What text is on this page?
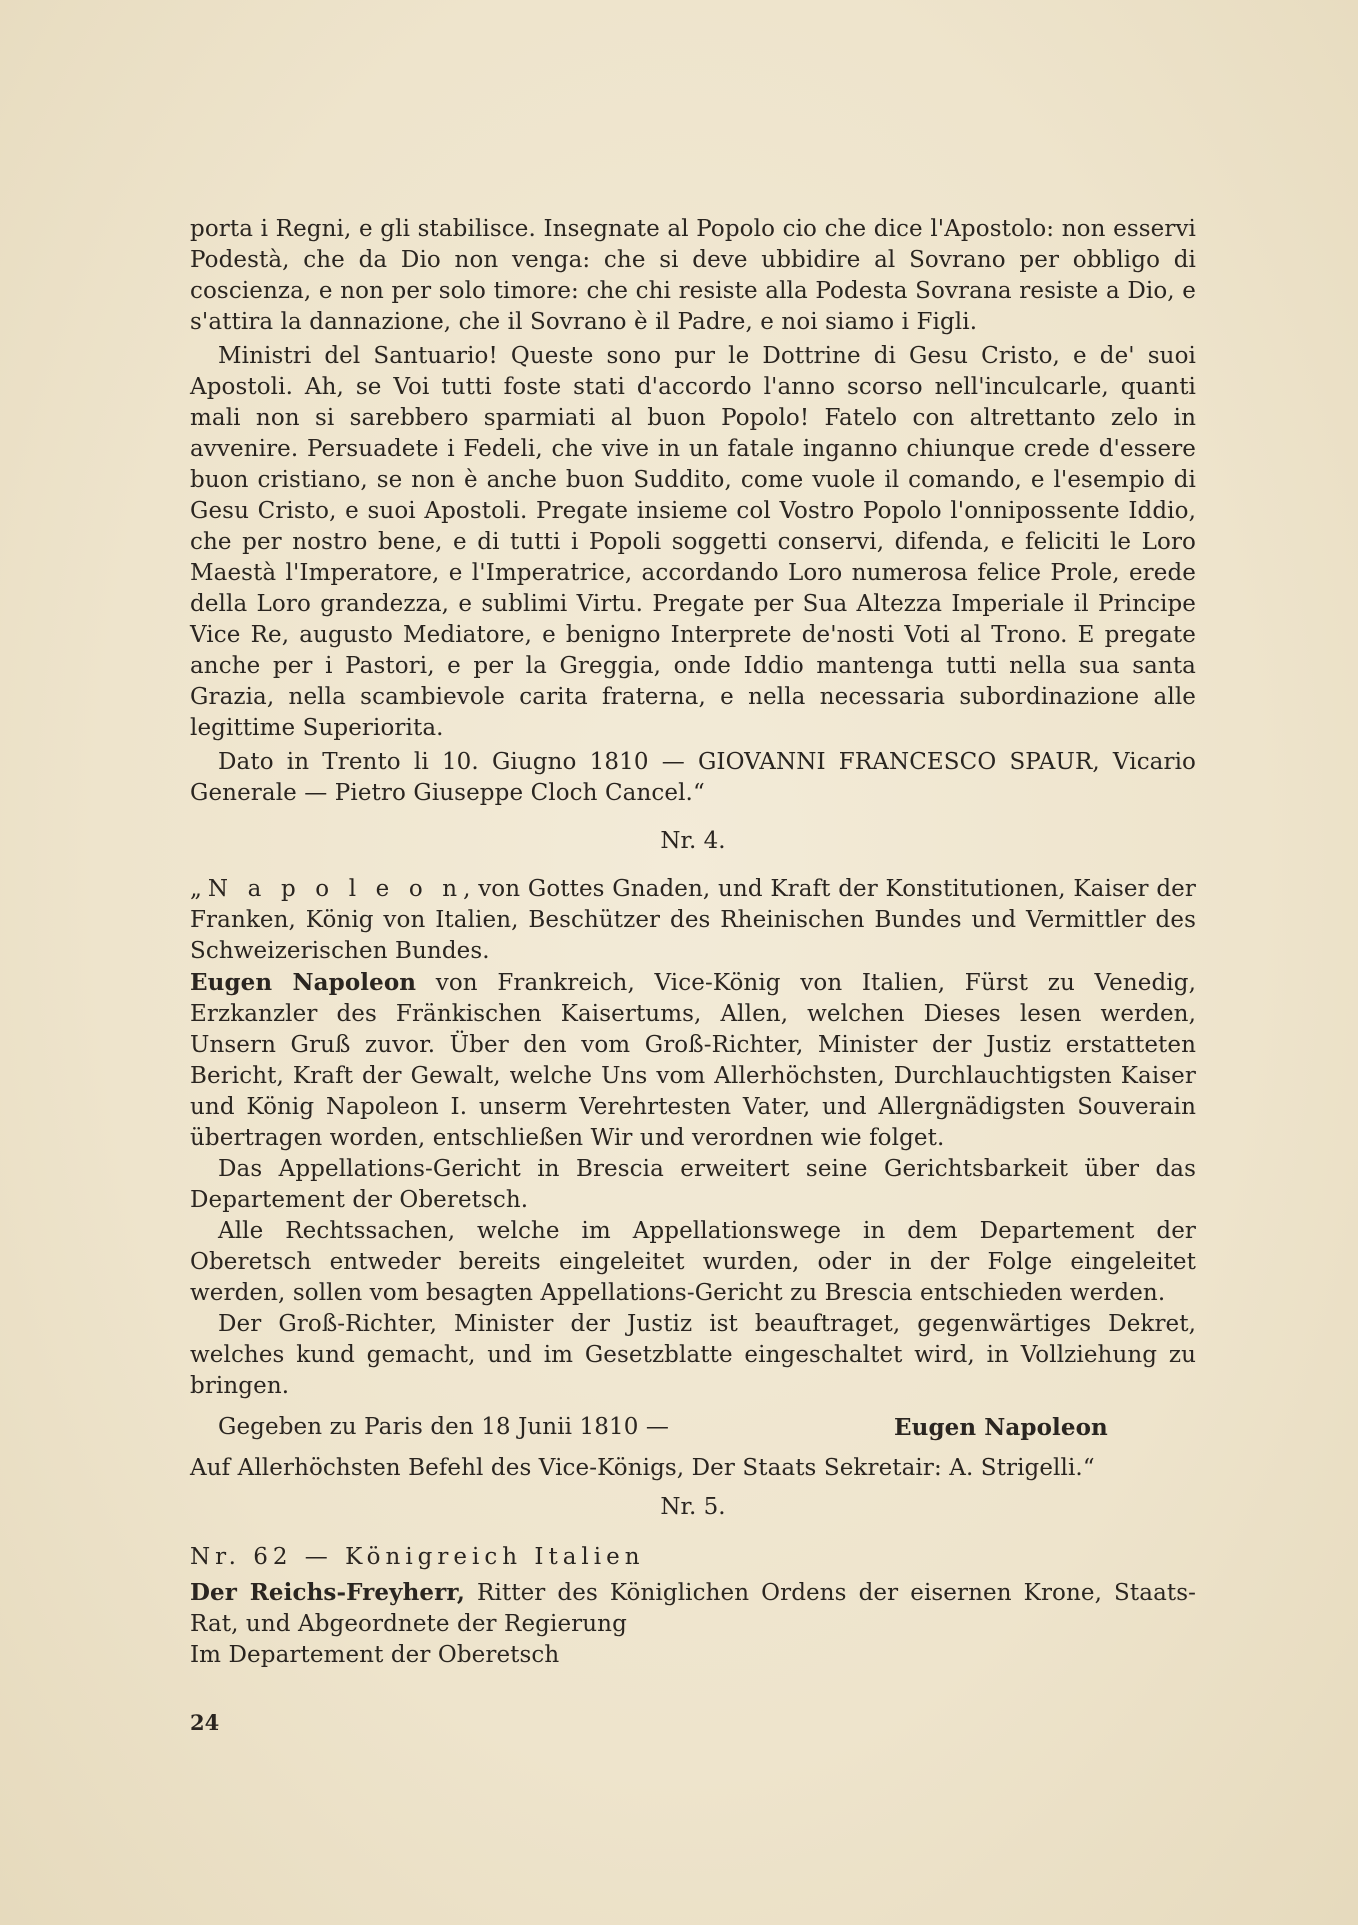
porta i Regni, e gli stabilisce. Insegnate al Popolo cio che dice l'Apostolo: non esservi Podestà, che da Dio non venga: che si deve ubbidire al Sovrano per obbligo di coscienza, e non per solo timore: che chi resiste alla Podesta Sovrana resiste a Dio, e s'attira la dannazione, che il Sovrano è il Padre, e noi siamo i Figli.

Ministri del Santuario! Queste sono pur le Dottrine di Gesu Cristo, e de' suoi Apostoli. Ah, se Voi tutti foste stati d'accordo l'anno scorso nell'inculcarle, quanti mali non si sarebbero sparmiati al buon Popolo! Fatelo con altrettanto zelo in avvenire. Persuadete i Fedeli, che vive in un fatale inganno chiunque crede d'essere buon cristiano, se non è anche buon Suddito, come vuole il comando, e l'esempio di Gesu Cristo, e suoi Apostoli. Pregate insieme col Vostro Popolo l'onnipossente Iddio, che per nostro bene, e di tutti i Popoli soggetti conservi, difenda, e feliciti le Loro Maestà l'Imperatore, e l'Imperatrice, accordando Loro numerosa felice Prole, erede della Loro grandezza, e sublimi Virtu. Pregate per Sua Altezza Imperiale il Principe Vice Re, augusto Mediatore, e benigno Interprete de'nosti Voti al Trono. E pregate anche per i Pastori, e per la Greggia, onde Iddio mantenga tutti nella sua santa Grazia, nella scambievole carita fraterna, e nella necessaria subordinazione alle legittime Superiorita.

Dato in Trento li 10. Giugno 1810 — GIOVANNI FRANCESCO SPAUR, Vicario Generale — Pietro Giuseppe Cloch Cancel.“

Nr. 4.

„N a p o l e o n, von Gottes Gnaden, und Kraft der Konstitutionen, Kaiser der Franken, König von Italien, Beschützer des Rheinischen Bundes und Vermittler des Schweizerischen Bundes.

Eugen Napoleon von Frankreich, Vice-König von Italien, Fürst zu Venedig, Erzkanzler des Fränkischen Kaisertums, Allen, welchen Dieses lesen werden, Unsern Gruß zuvor. Über den vom Groß-Richter, Minister der Justiz erstatteten Bericht, Kraft der Gewalt, welche Uns vom Allerhöchsten, Durchlauchtigsten Kaiser und König Napoleon I. unserm Verehrtesten Vater, und Allergnädigsten Souverain übertragen worden, entschließen Wir und verordnen wie folget.

Das Appellations-Gericht in Brescia erweitert seine Gerichtsbarkeit über das Departement der Oberetsch.

Alle Rechtssachen, welche im Appellationswege in dem Departement der Oberetsch entweder bereits eingeleitet wurden, oder in der Folge eingeleitet werden, sollen vom besagten Appellations-Gericht zu Brescia entschieden werden.

Der Groß-Richter, Minister der Justiz ist beauftraget, gegenwärtiges Dekret, welches kund gemacht, und im Gesetzblatte eingeschaltet wird, in Vollziehung zu bringen.

Gegeben zu Paris den 18 Junii 1810 —	Eugen Napoleon

Auf Allerhöchsten Befehl des Vice-Königs, Der Staats Sekretair: A. Strigelli.“

Nr. 5.

Nr. 62 — Königreich Italien

Der Reichs-Freyherr, Ritter des Königlichen Ordens der eisernen Krone, Staats-Rat, und Abgeordnete der Regierung

Im Departement der Oberetsch

24
